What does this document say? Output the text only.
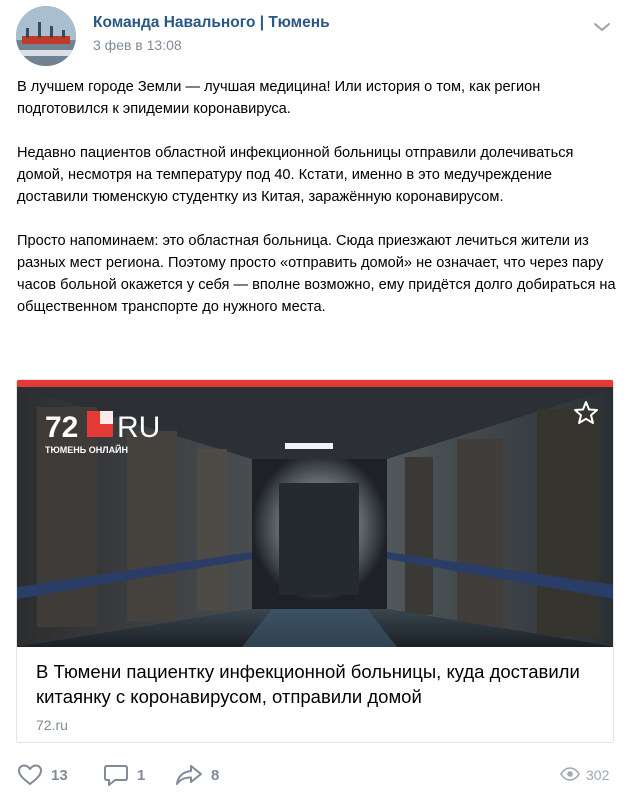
Команда Навального | Тюмень
3 фев в 13:08

В лучшем городе Земли — лучшая медицина! Или история о том, как регион подготовился к эпидемии коронавируса.

Недавно пациентов областной инфекционной больницы отправили долечиваться домой, несмотря на температуру под 40. Кстати, именно в это медучреждение доставили тюменскую студентку из Китая, заражённую коронавирусом.

Просто напоминаем: это областная больница. Сюда приезжают лечиться жители из разных мест региона. Поэтому просто «отправить домой» не означает, что через пару часов больной окажется у себя — вполне возможно, ему придётся долго добираться на общественном транспорте до нужного места.

72 RU
ТЮМЕНЬ ОНЛАЙН
В Тюмени пациентку инфекционной больницы, куда доставили китаянку с коронавирусом, отправили домой
72.ru
13	1	8	302
